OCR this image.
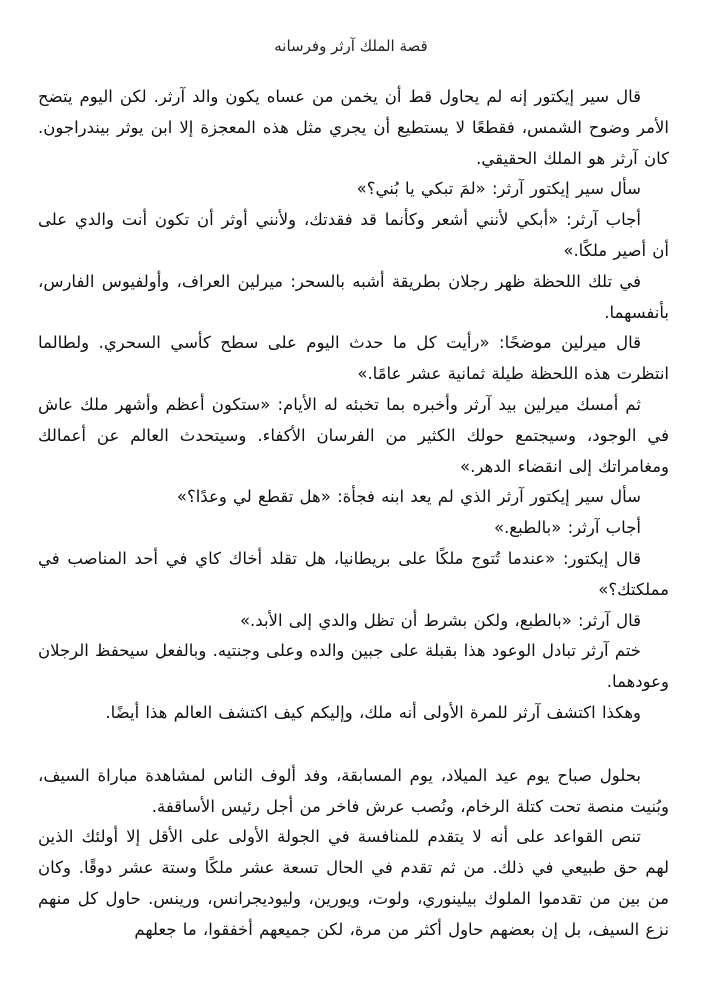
قصة الملك آرثر وفرسانه

قال سير إيكتور إنه لم يحاول قط أن يخمن من عساه يكون والد آرثر. لكن اليوم يتضح الأمر وضوح الشمس، فقطعًا لا يستطيع أن يجري مثل هذه المعجزة إلا ابن يوثر بيندراجون. كان آرثر هو الملك الحقيقي.

سأل سير إيكتور آرثر: «لمَ تبكي يا بُني؟»

أجاب آرثر: «أبكي لأنني أشعر وكأنما قد فقدتك، ولأنني أوثر أن تكون أنت والدي على أن أصير ملكًا.»

في تلك اللحظة ظهر رجلان بطريقة أشبه بالسحر: ميرلين العراف، وأولفيوس الفارس، بأنفسهما.

قال ميرلين موضحًا: «رأيت كل ما حدث اليوم على سطح كأسي السحري. ولطالما انتظرت هذه اللحظة طيلة ثمانية عشر عامًا.»

ثم أمسك ميرلين بيد آرثر وأخبره بما تخبئه له الأيام: «ستكون أعظم وأشهر ملك عاش في الوجود، وسيجتمع حولك الكثير من الفرسان الأكفاء. وسيتحدث العالم عن أعمالك ومغامراتك إلى انقضاء الدهر.»

سأل سير إيكتور آرثر الذي لم يعد ابنه فجأة: «هل تقطع لي وعدًا؟»

أجاب آرثر: «بالطبع.»

قال إيكتور: «عندما تُتوج ملكًا على بريطانيا، هل تقلد أخاك كاي في أحد المناصب في مملكتك؟»

قال آرثر: «بالطبع، ولكن بشرط أن تظل والدي إلى الأبد.»

ختم آرثر تبادل الوعود هذا بقبلة على جبين والده وعلى وجنتيه. وبالفعل سيحفظ الرجلان وعودهما.

وهكذا اكتشف آرثر للمرة الأولى أنه ملك، وإليكم كيف اكتشف العالم هذا أيضًا.

بحلول صباح يوم عيد الميلاد، يوم المسابقة، وفد ألوف الناس لمشاهدة مباراة السيف، وبُنيت منصة تحت كتلة الرخام، ونُصب عرش فاخر من أجل رئيس الأساقفة.

تنص القواعد على أنه لا يتقدم للمنافسة في الجولة الأولى على الأقل إلا أولئك الذين لهم حق طبيعي في ذلك. من ثم تقدم في الحال تسعة عشر ملكًا وستة عشر دوقًا. وكان من بين من تقدموا الملوك بيلينوري، ولوت، ويورين، وليوديجرانس، ورينس. حاول كل منهم نزع السيف، بل إن بعضهم حاول أكثر من مرة، لكن جميعهم أخفقوا، ما جعلهم
